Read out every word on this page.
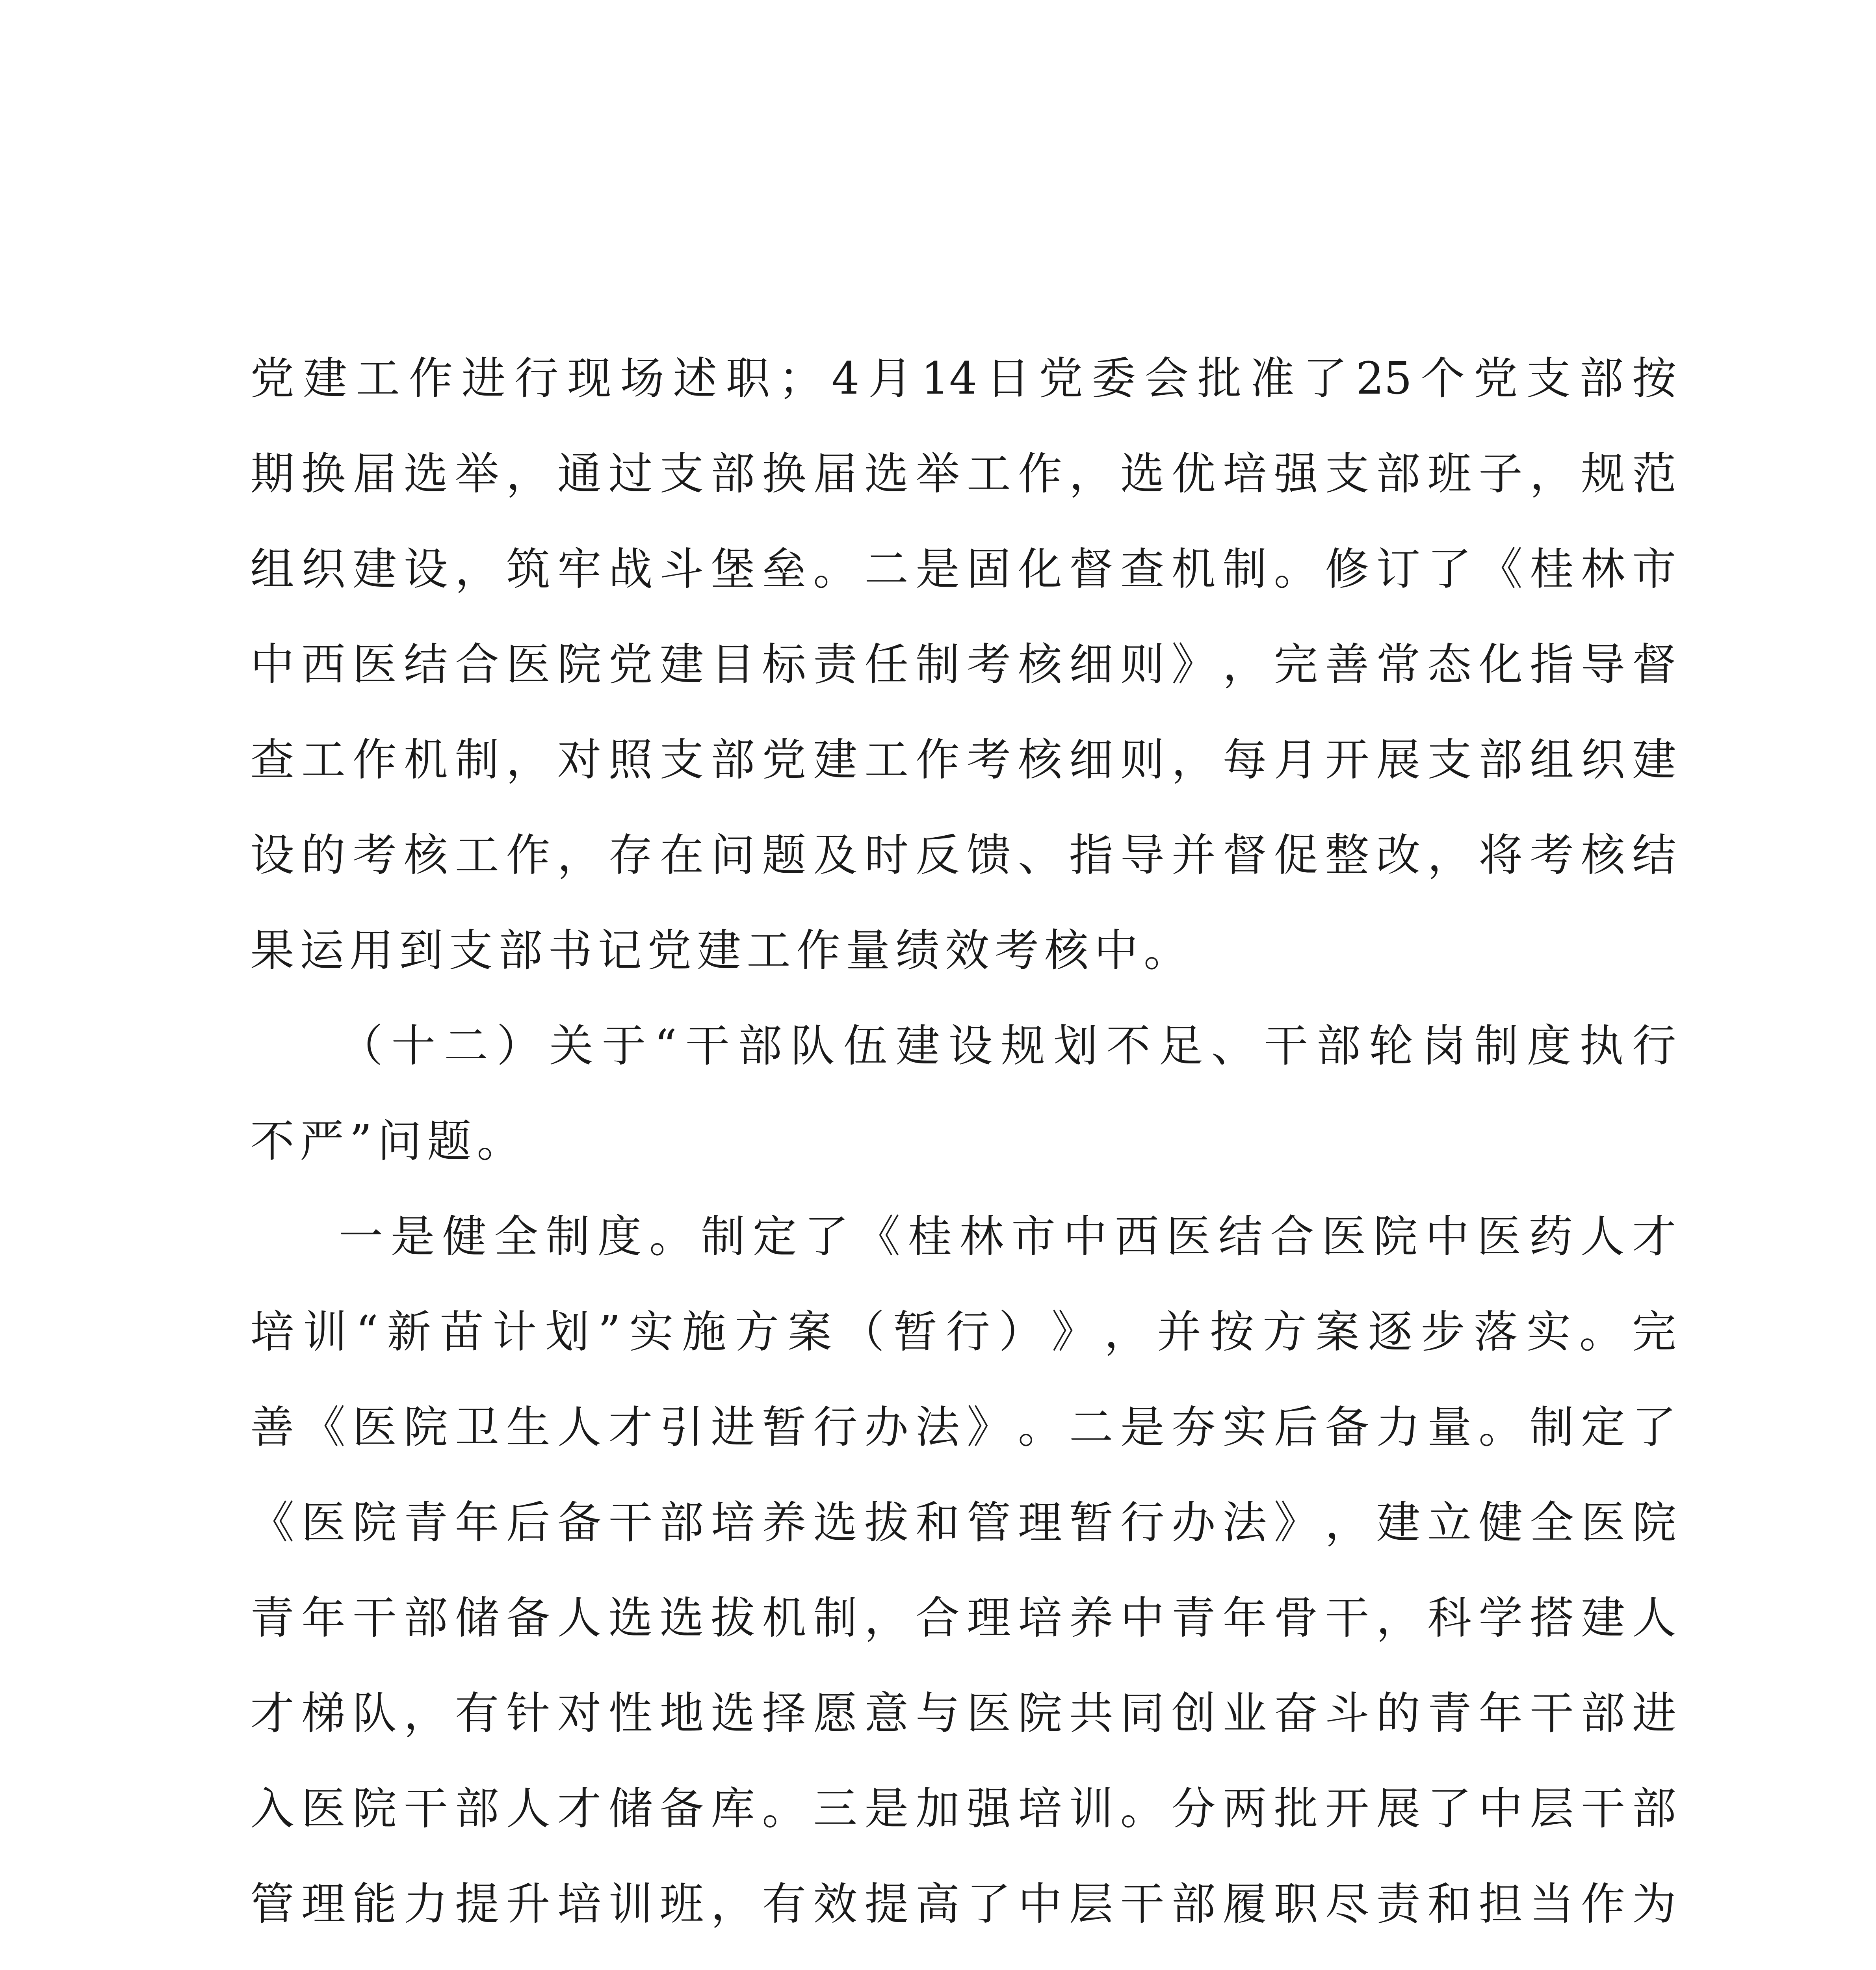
党 建 工 作 进 行 现 场 述 职 ； 4 月 14 日 党 委 会 批 准 了 25 个 党 支 部 按
期 换 届 选 举 ， 通 过 支 部 换 届 选 举 工 作 ， 选 优 培 强 支 部 班 子 ， 规 范
组 织 建 设 ， 筑 牢 战 斗 堡 垒 。 二 是 固 化 督 查 机 制 。 修 订 了 《 桂 林 市
中 西 医 结 合 医 院 党 建 目 标 责 任 制 考 核 细 则 》 ， 完 善 常 态 化 指 导 督
查 工 作 机 制 ， 对 照 支 部 党 建 工 作 考 核 细 则 ， 每 月 开 展 支 部 组 织 建
设 的 考 核 工 作 ， 存 在 问 题 及 时 反 馈 、 指 导 并 督 促 整 改 ， 将 考 核 结
果 运 用 到 支 部 书 记 党 建 工 作 量 绩 效 考 核 中 。
（ 十 二 ） 关 于 “ 干 部 队 伍 建 设 规 划 不 足 、 干 部 轮 岗 制 度 执 行
不 严 ” 问 题 。
一 是 健 全 制 度 。 制 定 了 《 桂 林 市 中 西 医 结 合 医 院 中 医 药 人 才
培 训 “ 新 苗 计 划 ” 实 施 方 案 （ 暂 行 ） 》 ， 并 按 方 案 逐 步 落 实 。 完
善 《 医 院 卫 生 人 才 引 进 暂 行 办 法 》 。 二 是 夯 实 后 备 力 量 。 制 定 了
《 医 院 青 年 后 备 干 部 培 养 选 拔 和 管 理 暂 行 办 法 》 ， 建 立 健 全 医 院
青 年 干 部 储 备 人 选 选 拔 机 制 ， 合 理 培 养 中 青 年 骨 干 ， 科 学 搭 建 人
才 梯 队 ， 有 针 对 性 地 选 择 愿 意 与 医 院 共 同 创 业 奋 斗 的 青 年 干 部 进
入 医 院 干 部 人 才 储 备 库 。 三 是 加 强 培 训 。 分 两 批 开 展 了 中 层 干 部
管 理 能 力 提 升 培 训 班 ， 有 效 提 高 了 中 层 干 部 履 职 尽 责 和 担 当 作 为
